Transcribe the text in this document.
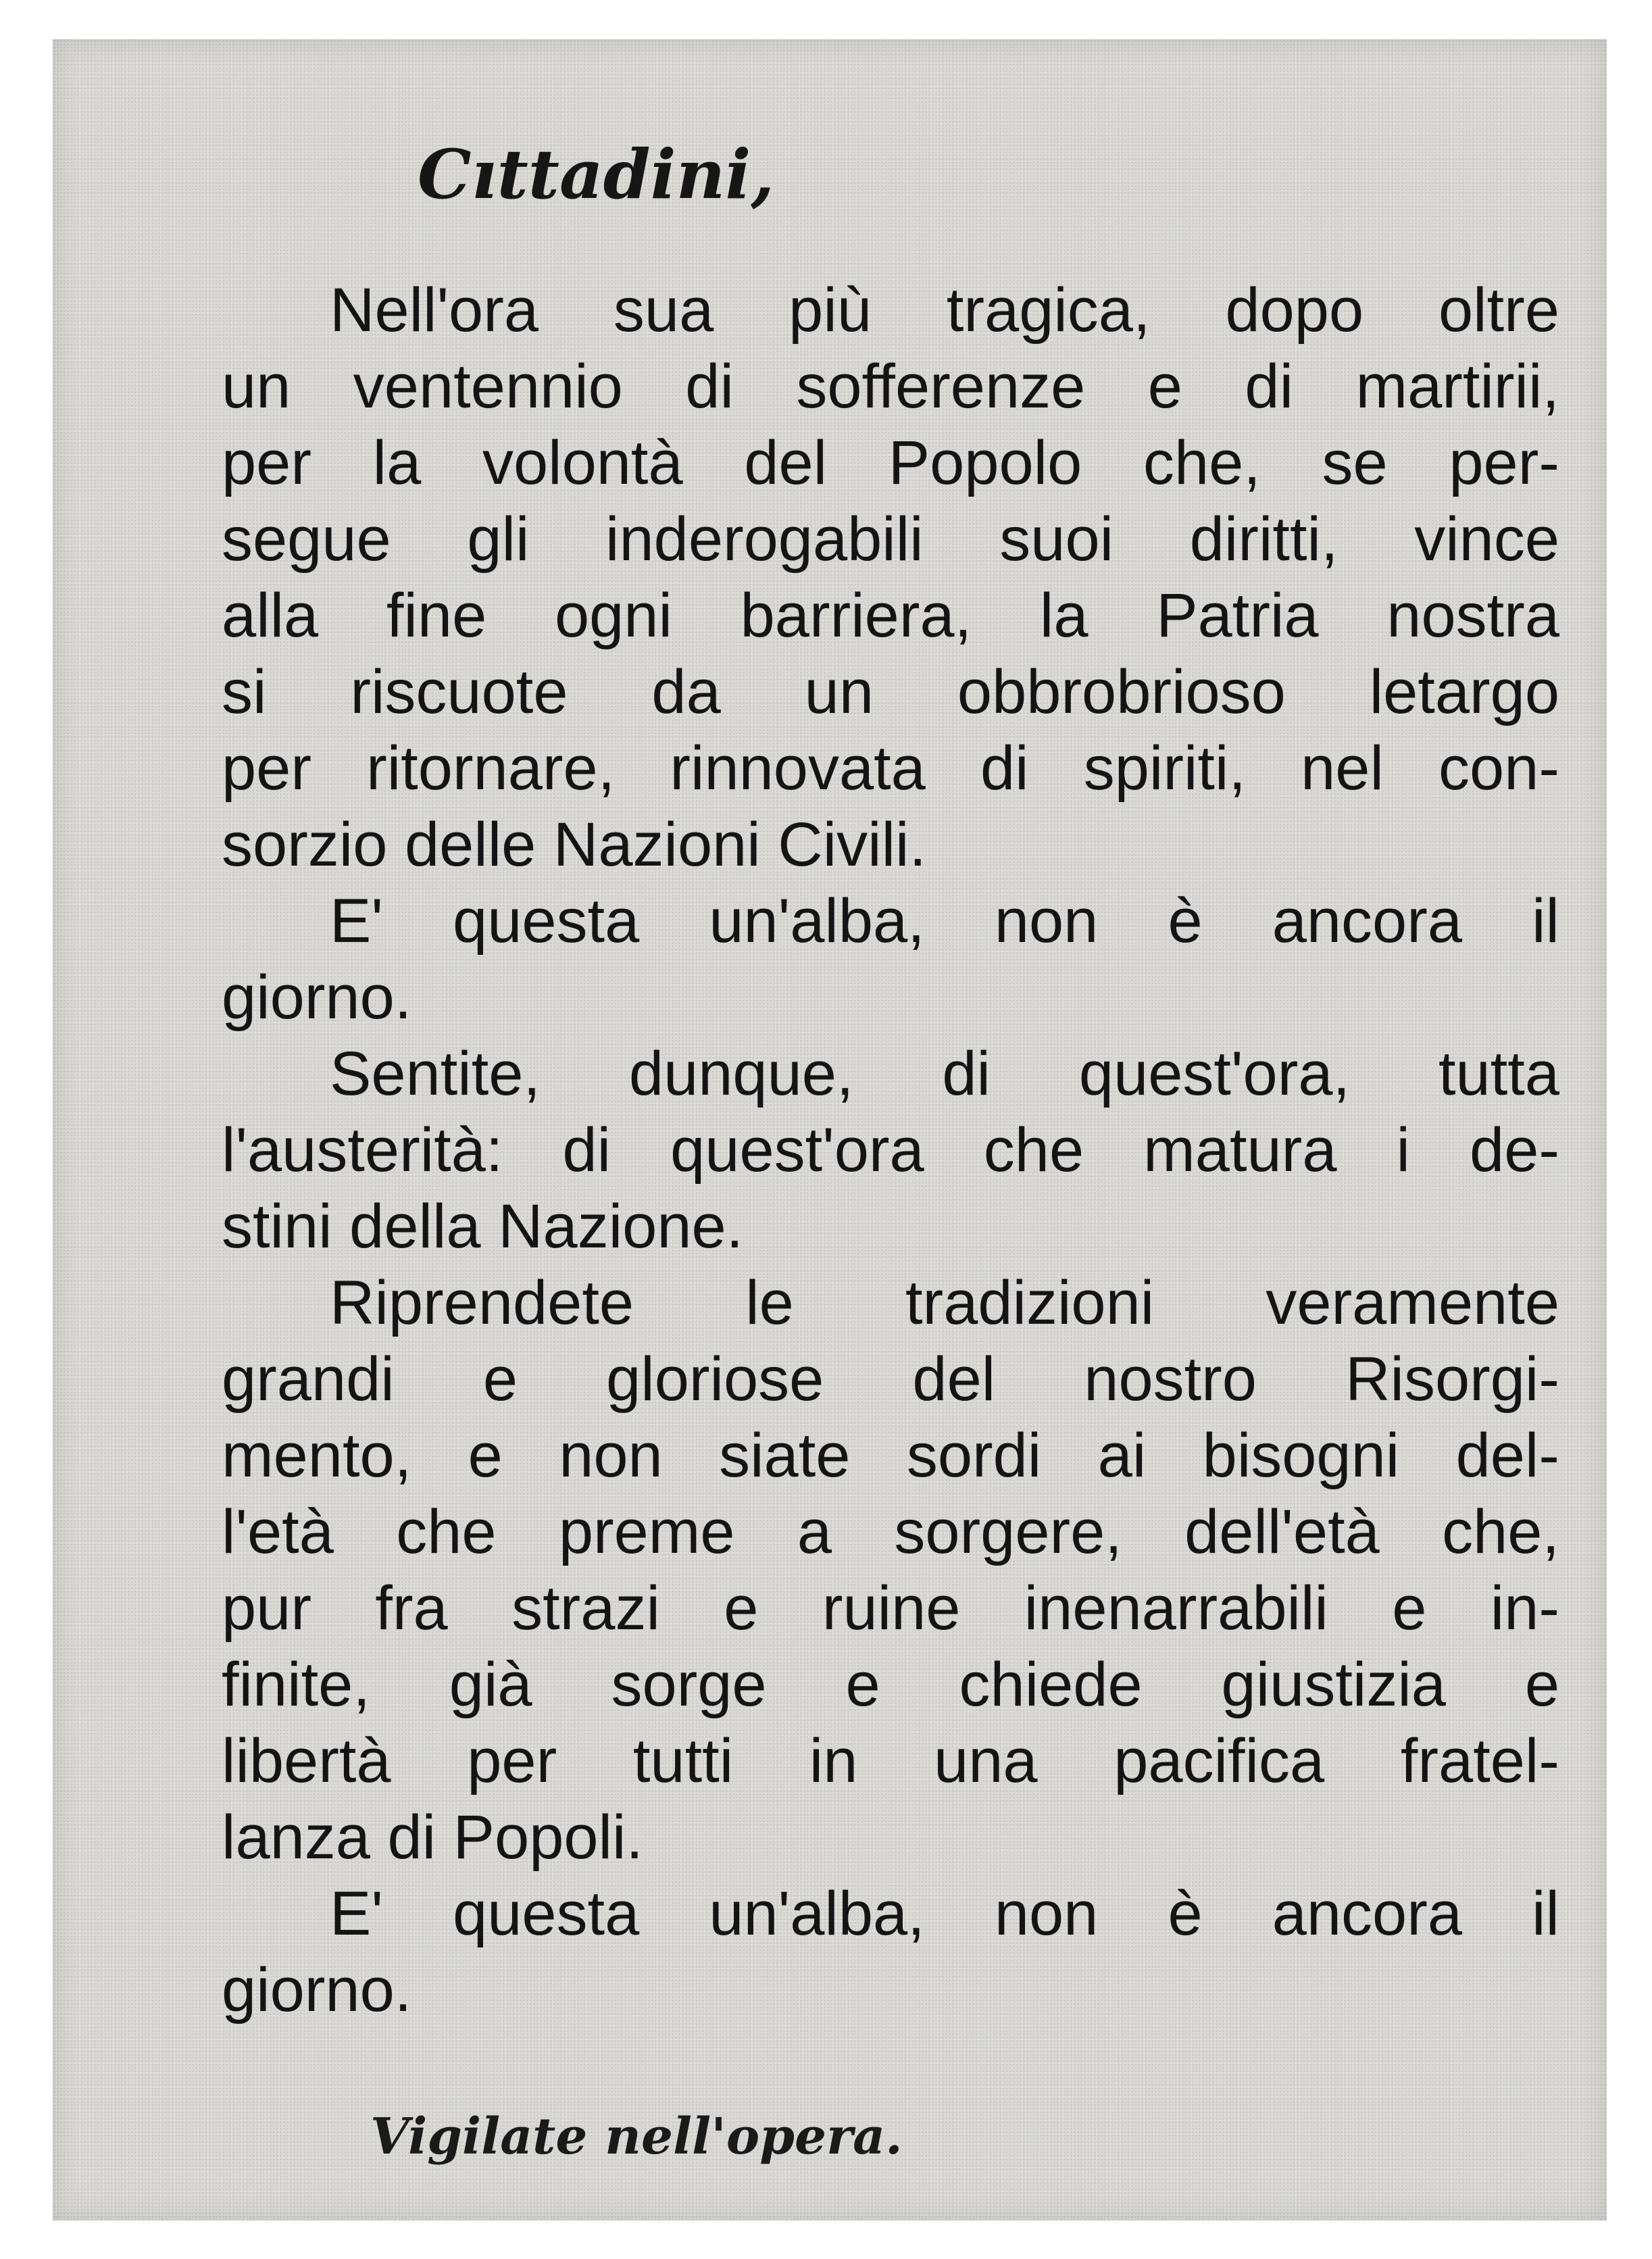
Cıttadini,
Nell'ora sua più tragica, dopo oltre
un ventennio di sofferenze e di martirii,
per la volontà del Popolo che, se per-
segue gli inderogabili suoi diritti, vince
alla fine ogni barriera, la Patria nostra
si riscuote da un obbrobrioso letargo
per ritornare, rinnovata di spiriti, nel con-
sorzio delle Nazioni Civili.
E' questa un'alba, non è ancora il
giorno.
Sentite, dunque, di quest'ora, tutta
l'austerità: di quest'ora che matura i de-
stini della Nazione.
Riprendete le tradizioni veramente
grandi e gloriose del nostro Risorgi-
mento, e non siate sordi ai bisogni del-
l'età che preme a sorgere, dell'età che,
pur fra strazi e ruine inenarrabili e in-
finite, già sorge e chiede giustizia e
libertà per tutti in una pacifica fratel-
lanza di Popoli.
E' questa un'alba, non è ancora il
giorno.

Vigilate nell'opera.
